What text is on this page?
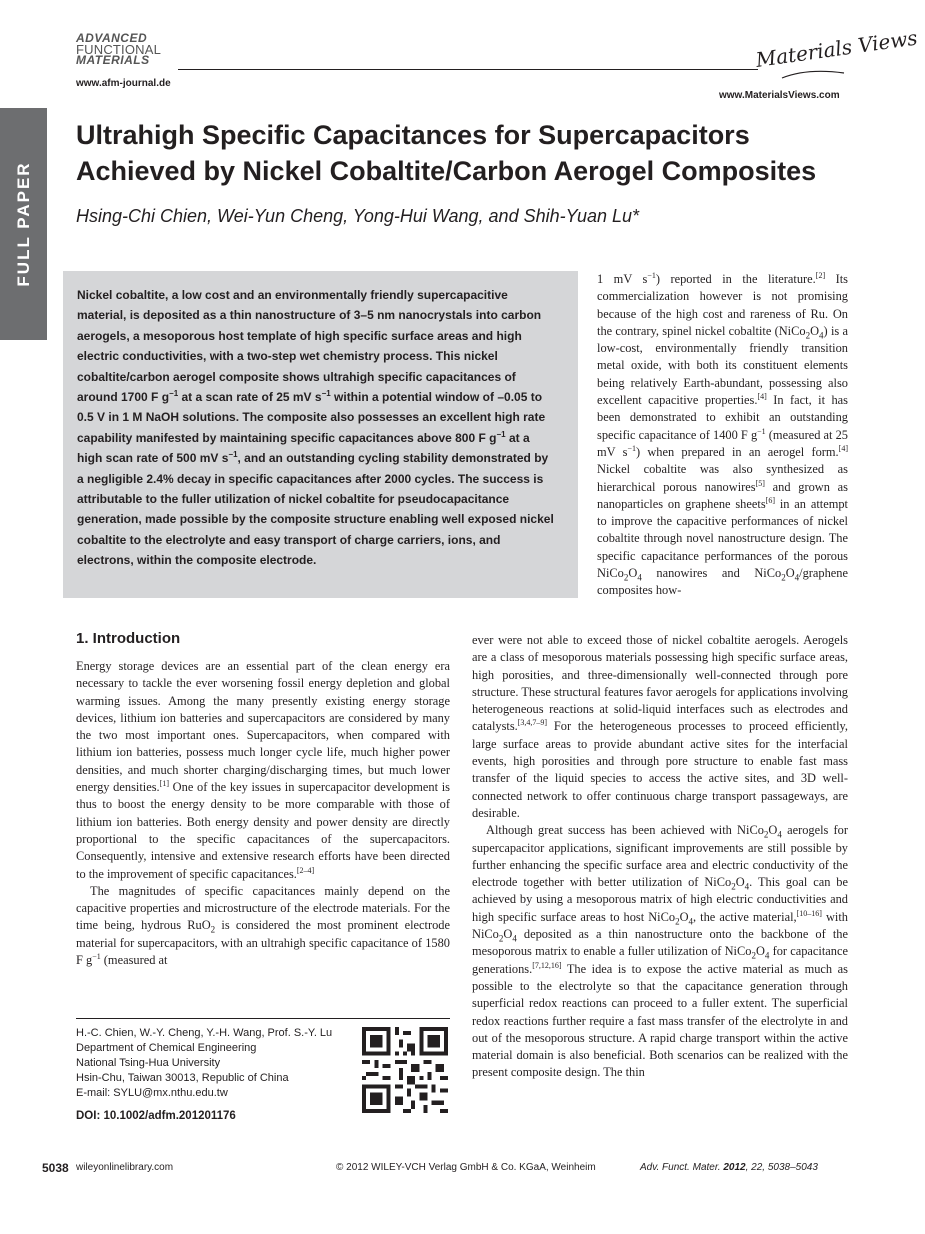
FULL PAPER
ADVANCED
FUNCTIONAL
MATERIALS
www.afm-journal.de
Materials Views
www.MaterialsViews.com
Ultrahigh Specific Capacitances for Supercapacitors
Achieved by Nickel Cobaltite/Carbon Aerogel Composites
Hsing-Chi Chien, Wei-Yun Cheng, Yong-Hui Wang, and Shih-Yuan Lu*

Nickel cobaltite, a low cost and an environmentally friendly supercapacitive material, is deposited as a thin nanostructure of 3–5 nm nanocrystals into carbon aerogels, a mesoporous host template of high specific surface areas and high electric conductivities, with a two-step wet chemistry process. This nickel cobaltite/carbon aerogel composite shows ultrahigh specific capacitances of around 1700 F $g^{-1}$ at a scan rate of 25 mV $s^{-1}$ within a potential window of –0.05 to 0.5 V in 1 M NaOH solutions. The composite also possesses an excellent high rate capability manifested by maintaining specific capacitances above 800 F $g^{-1}$ at a high scan rate of 500 mV $s^{-1}$, and an outstanding cycling stability demonstrated by a negligible 2.4% decay in specific capacitances after 2000 cycles. The success is attributable to the fuller utilization of nickel cobaltite for pseudocapacitance generation, made possible by the composite structure enabling well exposed nickel cobaltite to the electrolyte and easy transport of charge carriers, ions, and electrons, within the composite electrode.

1 mV $s^{-1}$) reported in the literature.[2] Its commercialization however is not promising because of the high cost and rareness of Ru. On the contrary, spinel nickel cobaltite $(NiCo_2O_4)$ is a low-cost, environmentally friendly transition metal oxide, with both its constituent elements being relatively Earth-abundant, possessing also excellent capacitive properties.[4] In fact, it has been demonstrated to exhibit an outstanding specific capacitance of 1400 F $g^{-1}$ (measured at 25 mV $s^{-1}$) when prepared in an aerogel form.[4] Nickel cobaltite was also synthesized as hierarchical porous nanowires[5] and grown as nanoparticles on graphene sheets[6] in an attempt to improve the capacitive performances of nickel cobaltite through novel nanostructure design. The specific capacitance performances of the porous $NiCo_2O_4$ nanowires and $NiCo_2O_4$/graphene composites how-

1. Introduction

Energy storage devices are an essential part of the clean energy era necessary to tackle the ever worsening fossil energy depletion and global warming issues. Among the many presently existing energy storage devices, lithium ion batteries and supercapacitors are considered by many the two most important ones. Supercapacitors, when compared with lithium ion batteries, possess much longer cycle life, much higher power densities, and much shorter charging/discharging times, but much lower energy densities.[1] One of the key issues in supercapacitor development is thus to boost the energy density to be more comparable with those of lithium ion batteries. Both energy density and power density are directly proportional to the specific capacitances of the supercapacitors. Consequently, intensive and extensive research efforts have been directed to the improvement of specific capacitances.[2–4]

The magnitudes of specific capacitances mainly depend on the capacitive properties and microstructure of the electrode materials. For the time being, hydrous RuO$_2$ is considered the most prominent electrode material for supercapacitors, with an ultrahigh specific capacitance of 1580 F $g^{-1}$ (measured at

ever were not able to exceed those of nickel cobaltite aerogels. Aerogels are a class of mesoporous materials possessing high specific surface areas, high porosities, and three-dimensionally well-connected through pore structure. These structural features favor aerogels for applications involving heterogeneous reactions at solid-liquid interfaces such as electrodes and catalysts.[3,4,7–9] For the heterogeneous processes to proceed efficiently, large surface areas to provide abundant active sites for the interfacial events, high porosities and through pore structure to enable fast mass transfer of the liquid species to access the active sites, and 3D well-connected network to offer continuous charge transport passageways, are desirable.

Although great success has been achieved with $NiCo_2O_4$ aerogels for supercapacitor applications, significant improvements are still possible by further enhancing the specific surface area and electric conductivity of the electrode together with better utilization of $NiCo_2O_4$. This goal can be achieved by using a mesoporous matrix of high electric conductivities and high specific surface areas to host $NiCo_2O_4$, the active material,[10–16] with $NiCo_2O_4$ deposited as a thin nanostructure onto the backbone of the mesoporous matrix to enable a fuller utilization of $NiCo_2O_4$ for capacitance generations.[7,12,16] The idea is to expose the active material as much as possible to the electrolyte so that the capacitance generation through superficial redox reactions can proceed to a fuller extent. The superficial redox reactions further require a fast mass transfer of the electrolyte in and out of the mesoporous structure. A rapid charge transport within the active material domain is also beneficial. Both scenarios can be realized with the present composite design. The thin

H.-C. Chien, W.-Y. Cheng, Y.-H. Wang, Prof. S.-Y. Lu
Department of Chemical Engineering
National Tsing-Hua University
Hsin-Chu, Taiwan 30013, Republic of China
E-mail: SYLU@mx.nthu.edu.tw
DOI: 10.1002/adfm.201201176
5038 wileyonlinelibrary.com	© 2012 WILEY-VCH Verlag GmbH & Co. KGaA, Weinheim	Adv. Funct. Mater. 2012, 22, 5038–5043
